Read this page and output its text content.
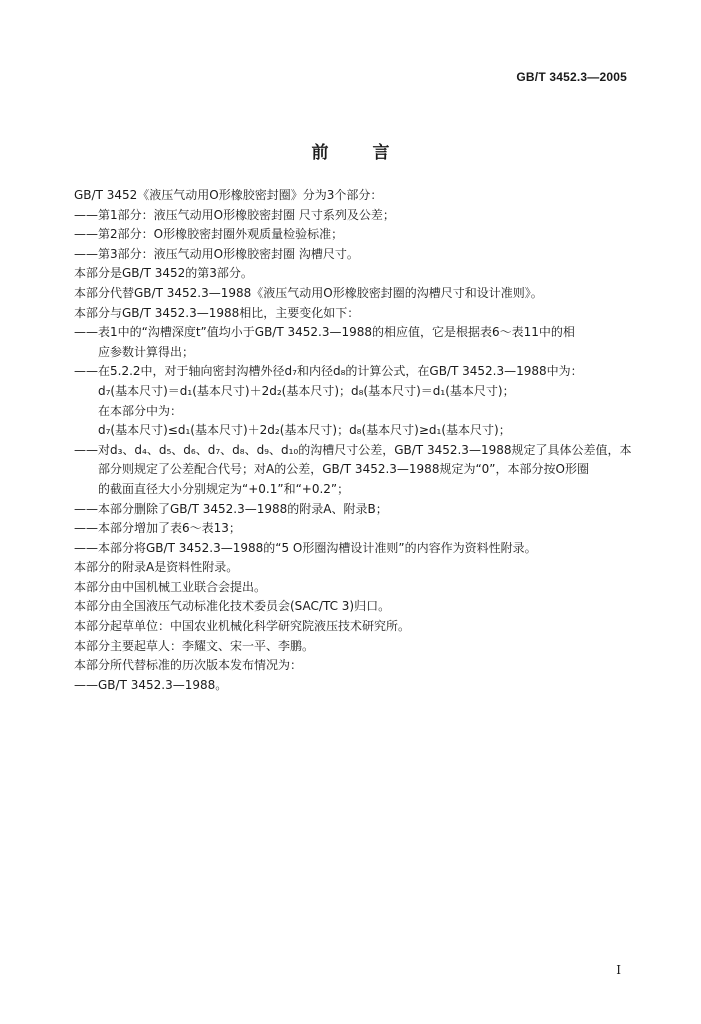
GB/T 3452.3—2005
前言
GB/T 3452《液压气动用O形橡胶密封圈》分为3个部分：
——第1部分：液压气动用O形橡胶密封圈 尺寸系列及公差；
——第2部分：O形橡胶密封圈外观质量检验标准；
——第3部分：液压气动用O形橡胶密封圈 沟槽尺寸。
本部分是GB/T 3452的第3部分。
本部分代替GB/T 3452.3—1988《液压气动用O形橡胶密封圈的沟槽尺寸和设计准则》。
本部分与GB/T 3452.3—1988相比，主要变化如下：
——表1中的“沟槽深度t”值均小于GB/T 3452.3—1988的相应值，它是根据表6～表11中的相
应参数计算得出；
——在5.2.2中，对于轴向密封沟槽外径d₇和内径d₈的计算公式，在GB/T 3452.3—1988中为：
d₇(基本尺寸)＝d₁(基本尺寸)＋2d₂(基本尺寸)；d₈(基本尺寸)＝d₁(基本尺寸)；
在本部分中为：
d₇(基本尺寸)≤d₁(基本尺寸)＋2d₂(基本尺寸)；d₈(基本尺寸)≥d₁(基本尺寸)；
——对d₃、d₄、d₅、d₆、d₇、d₈、d₉、d₁₀的沟槽尺寸公差，GB/T 3452.3—1988规定了具体公差值，本
部分则规定了公差配合代号；对A的公差，GB/T 3452.3—1988规定为“0”，本部分按O形圈
的截面直径大小分别规定为“+0.1”和“+0.2”；
——本部分删除了GB/T 3452.3—1988的附录A、附录B；
——本部分增加了表6～表13；
——本部分将GB/T 3452.3—1988的“5 O形圈沟槽设计准则”的内容作为资料性附录。
本部分的附录A是资料性附录。
本部分由中国机械工业联合会提出。
本部分由全国液压气动标准化技术委员会(SAC/TC 3)归口。
本部分起草单位：中国农业机械化科学研究院液压技术研究所。
本部分主要起草人：李耀文、宋一平、李鹏。
本部分所代替标准的历次版本发布情况为：
——GB/T 3452.3—1988。
I
